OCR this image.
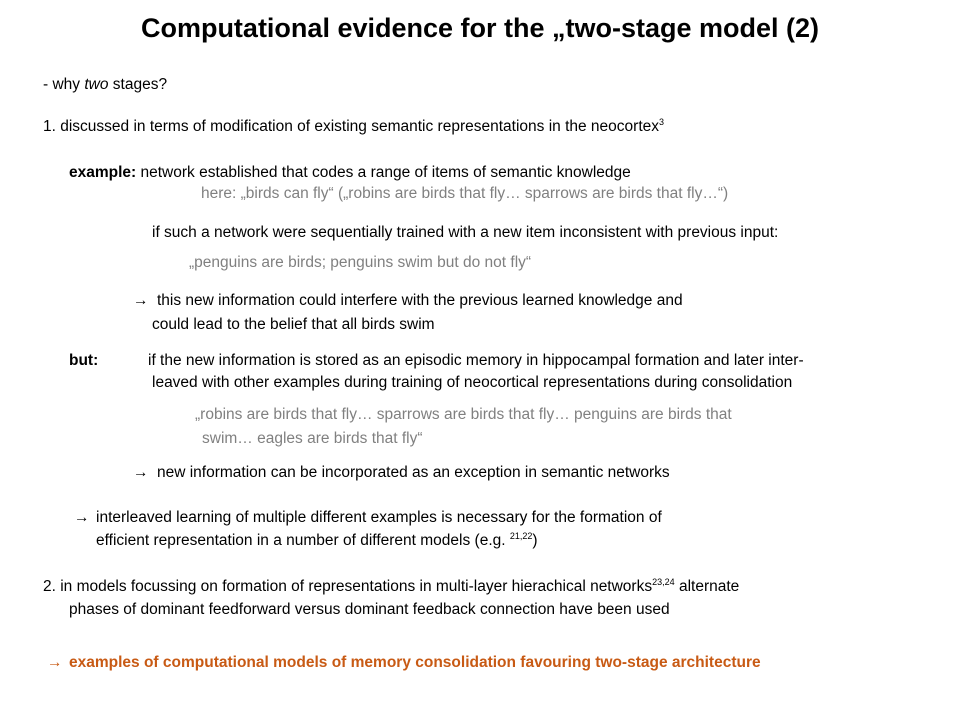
Computational evidence for the „two-stage model (2)
- why two stages?
1. discussed in terms of modification of existing semantic representations in the neocortex$^3$
example: network established that codes a range of items of semantic knowledge
here: „birds can fly“ („robins are birds that fly… sparrows are birds that fly…“)
if such a network were sequentially trained with a new item inconsistent with previous input:
„penguins are birds; penguins swim but do not fly“
→ this new information could interfere with the previous learned knowledge and
could lead to the belief that all birds swim
but:	if the new information is stored as an episodic memory in hippocampal formation and later inter-
leaved with other examples during training of neocortical representations during consolidation
„robins are birds that fly… sparrows are birds that fly… penguins are birds that
swim… eagles are birds that fly“
→ new information can be incorporated as an exception in semantic networks
→ interleaved learning of multiple different examples is necessary for the formation of
efficient representation in a number of different models (e.g. $^{21,22}$)
2. in models focussing on formation of representations in multi-layer hierachical networks$^{23,24}$ alternate
phases of dominant feedforward versus dominant feedback connection have been used
→ examples of computational models of memory consolidation favouring two-stage architecture
